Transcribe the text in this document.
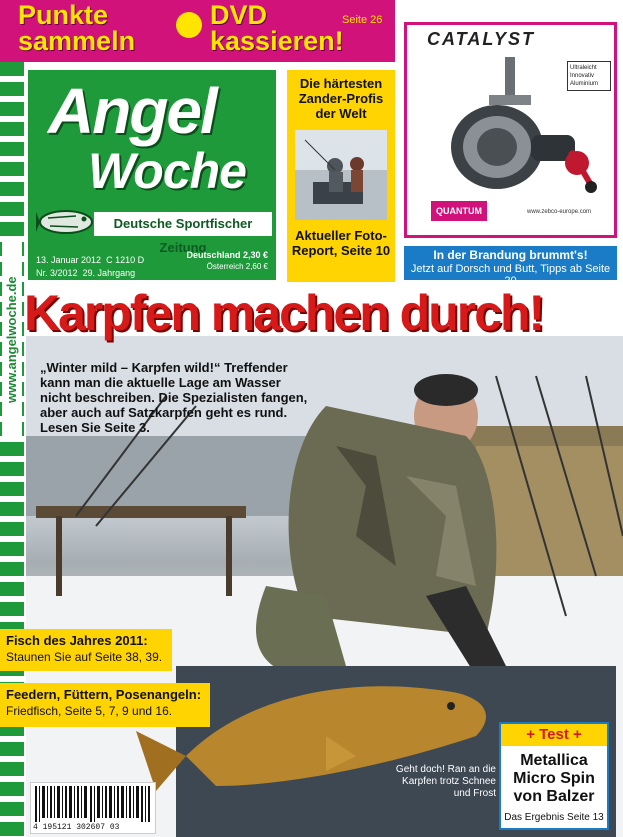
www.angelwoche.de
Punkte
sammeln
DVD
kassieren!
Seite 26
Angel
Woche
Deutsche Sportfischer Zeitung
13. Januar 2012 C 1210 D
Nr. 3/2012 29. Jahrgang
Deutschland 2,30 €
Österreich 2,60 €
Die härtesten Zander-Profis der Welt
Aktueller Foto-Report, Seite 10
CATALYST
Ultraleicht Innovativ Aluminium
QUANTUM	www.zebco-europe.com
In der Brandung brummt's!
Jetzt auf Dorsch und Butt, Tipps ab Seite 20
Karpfen machen durch!
„Winter mild – Karpfen wild!“ Treffender kann man die aktuelle Lage am Wasser nicht beschreiben. Die Spezialisten fangen, aber auch auf Satzkarpfen geht es rund. Lesen Sie Seite 3.
Fisch des Jahres 2011:
Staunen Sie auf Seite 38, 39.
Feedern, Füttern, Posenangeln:
Friedfisch, Seite 5, 7, 9 und 16.
Geht doch! Ran an die Karpfen trotz Schnee und Frost
+ Test +
Metallica Micro Spin von Balzer
Das Ergebnis Seite 13
4 195121 302607 03
